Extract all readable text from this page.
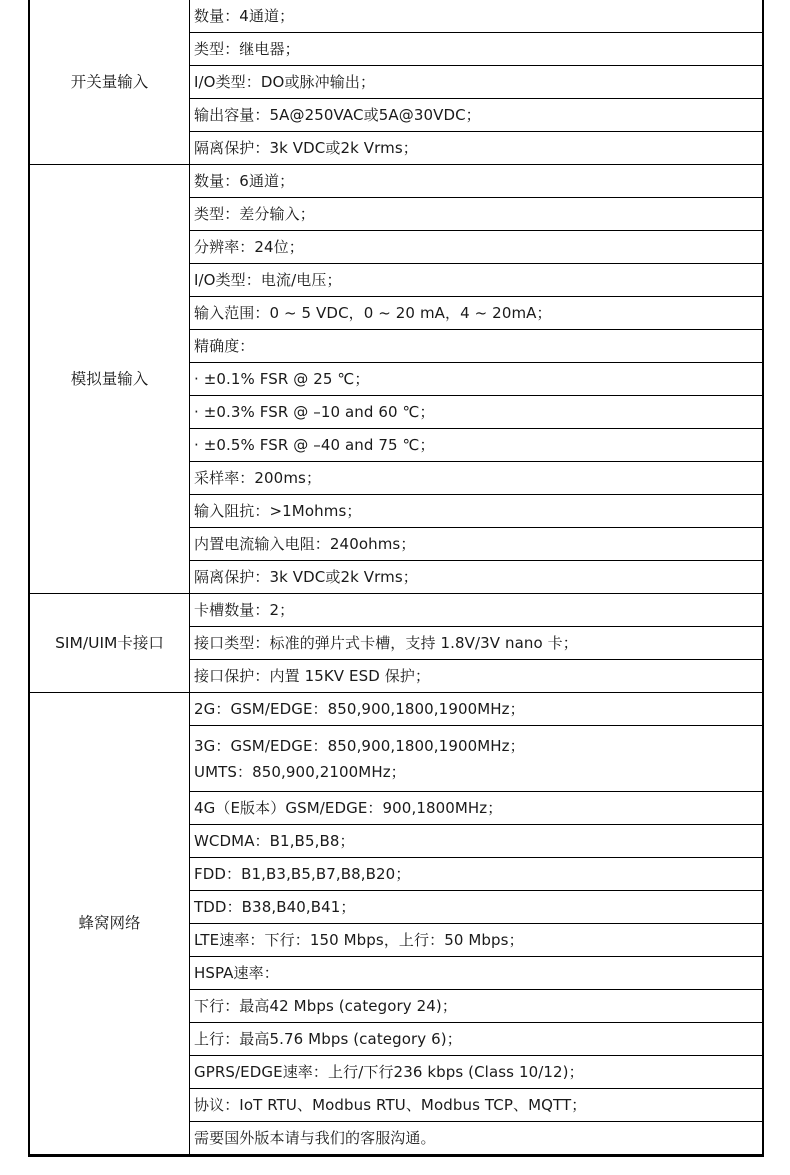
开关量输入	数量：4通道；
	类型：继电器；
	I/O类型：DO或脉冲输出；
	输出容量：5A@250VAC或5A@30VDC；
	隔离保护：3k VDC或2k Vrms；
模拟量输入	数量：6通道；
	类型：差分输入；
	分辨率：24位；
	I/O类型：电流/电压；
	输入范围：0 ~ 5 VDC，0 ~ 20 mA，4 ~ 20mA；
	精确度：
	· ±0.1% FSR @ 25 ℃；
	· ±0.3% FSR @ –10 and 60 ℃；
	· ±0.5% FSR @ –40 and 75 ℃；
	采样率：200ms；
	输入阻抗：>1Mohms；
	内置电流输入电阻：240ohms；
	隔离保护：3k VDC或2k Vrms；
SIM/UIM卡接口	卡槽数量：2；
	接口类型：标准的弹片式卡槽，支持 1.8V/3V nano 卡；
	接口保护：内置 15KV ESD 保护；
蜂窝网络	2G：GSM/EDGE：850,900,1800,1900MHz；

	3G：GSM/EDGE：850,900,1800,1900MHz；
UMTS：850,900,2100MHz；

	4G（E版本）GSM/EDGE：900,1800MHz；
	WCDMA：B1,B5,B8；
	FDD：B1,B3,B5,B7,B8,B20；
	TDD：B38,B40,B41；
	LTE速率：下行：150 Mbps，上行：50 Mbps；
	HSPA速率：
	下行：最高42 Mbps (category 24)；
	上行：最高5.76 Mbps (category 6)；
	GPRS/EDGE速率：上行/下行236 kbps (Class 10/12)；
	协议：IoT RTU、Modbus RTU、Modbus TCP、MQTT；
	需要国外版本请与我们的客服沟通。
